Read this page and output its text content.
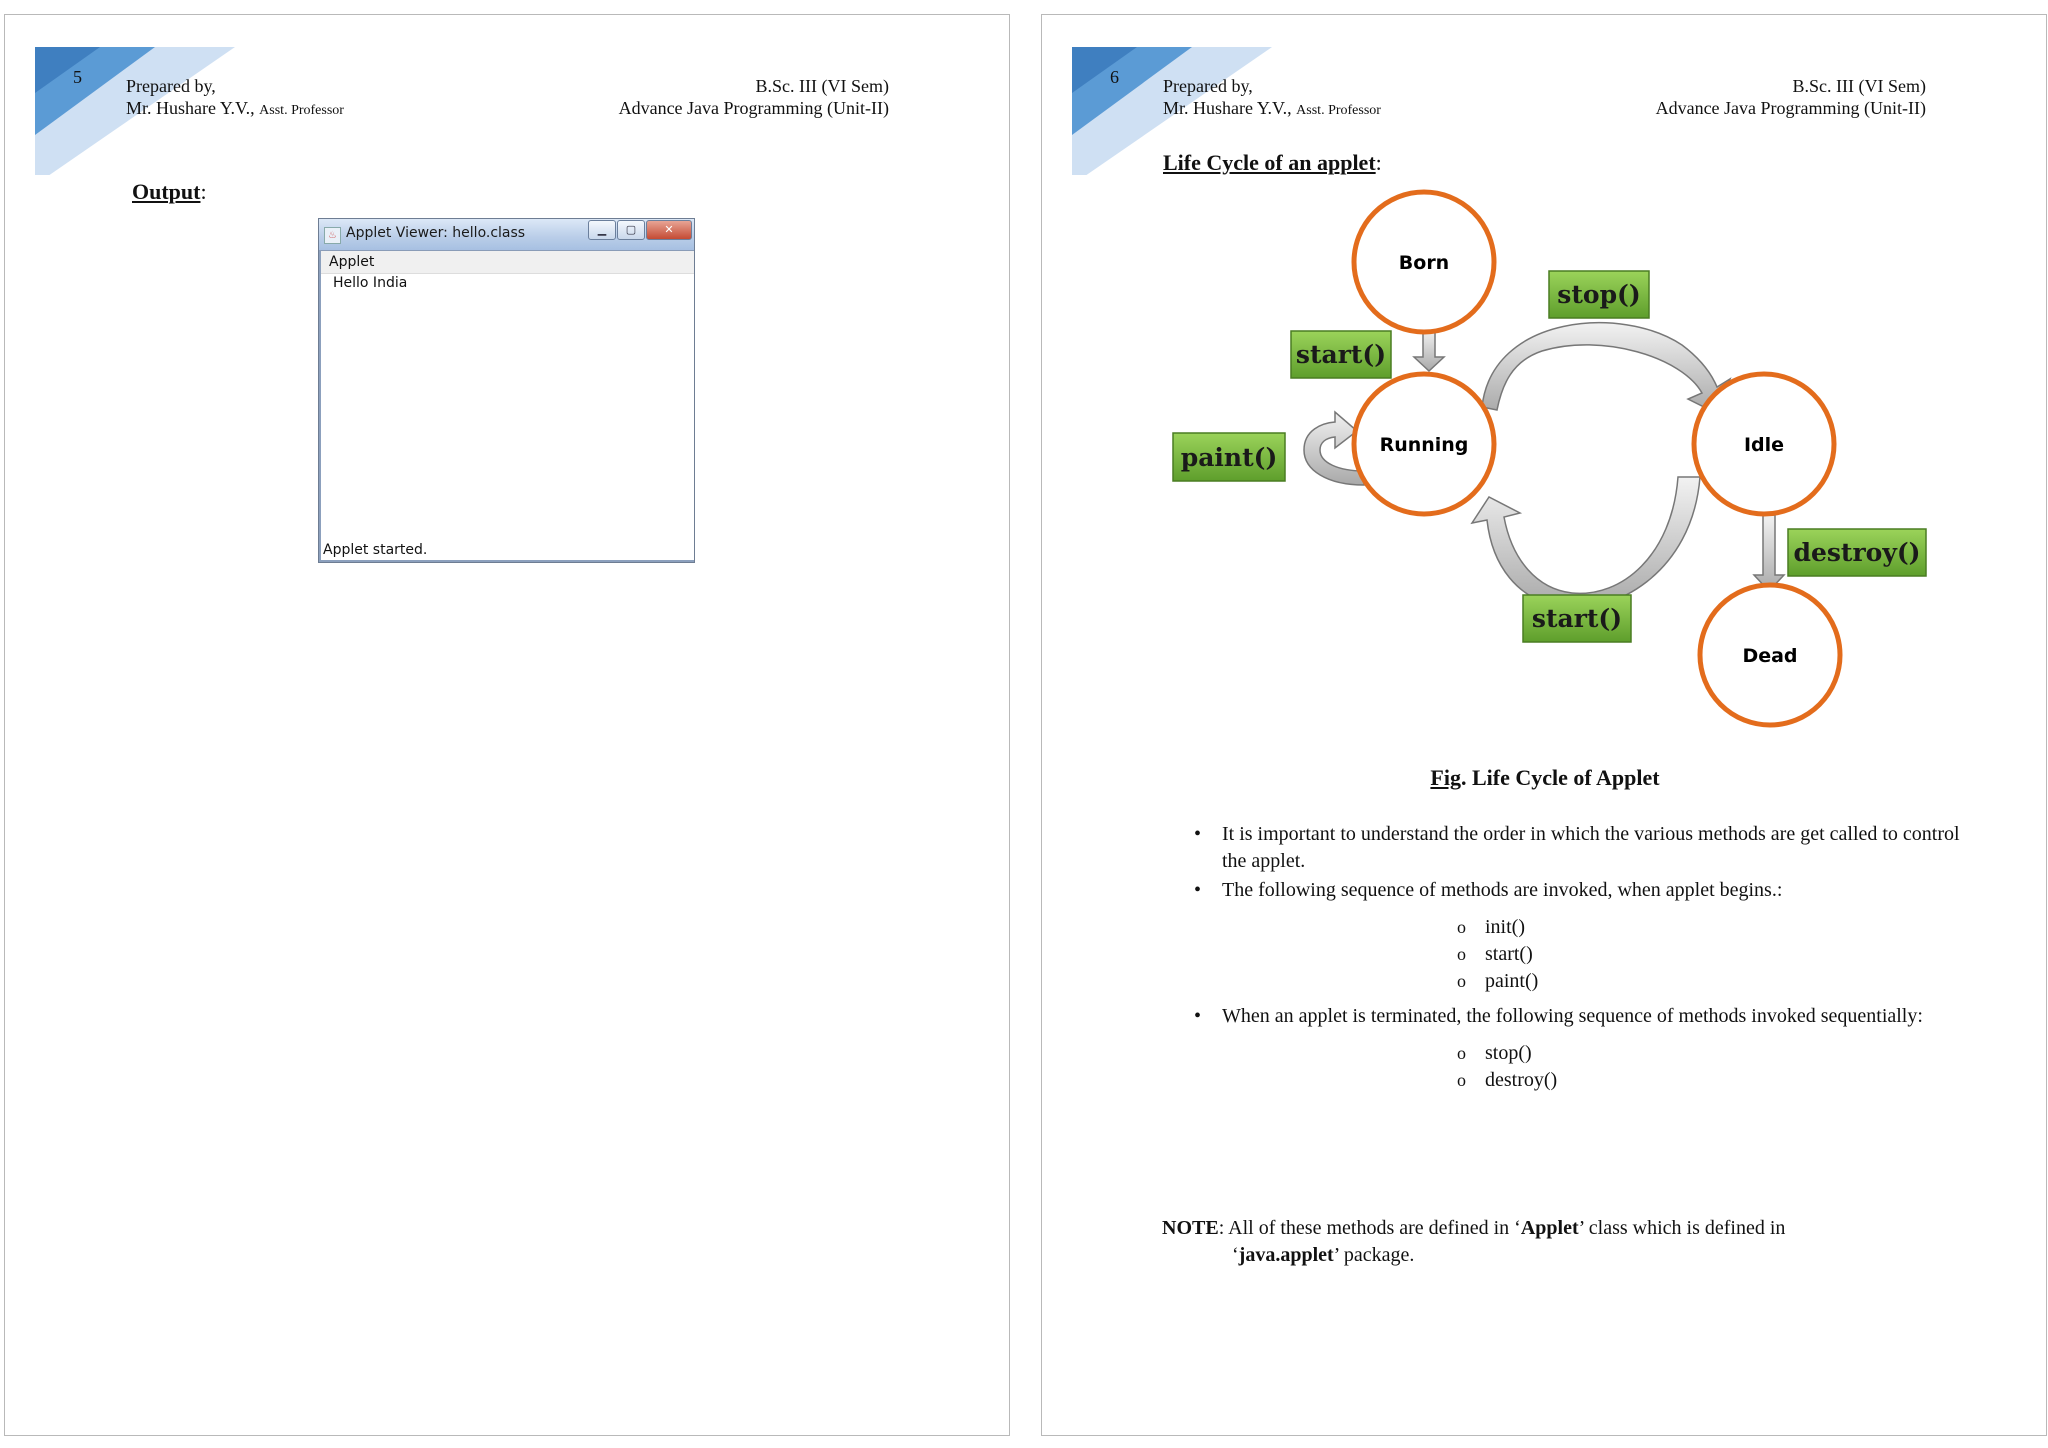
5 Prepared by,
Mr. Hushare Y.V., Asst. Professor
B.Sc. III (VI Sem)
Advance Java Programming (Unit-II)
Output:
♨ Applet Viewer: hello.class	▁	▢	✕
Applet
Hello India
Applet started.
6 Prepared by,
Mr. Hushare Y.V., Asst. Professor
B.Sc. III (VI Sem)
Advance Java Programming (Unit-II)
Life Cycle of an applet:
Born
Running	Idle
Dead
start()
stop()
paint()
destroy()
start()
Fig. Life Cycle of Applet
• It is important to understand the order in which the various methods are get called to control the applet.
• The following sequence of methods are invoked, when applet begins.:
o init()
o start()
o paint()
• When an applet is terminated, the following sequence of methods invoked sequentially:
o stop()
o destroy()
NOTE: All of these methods are defined in ‘Applet’ class which is defined in
‘java.applet’ package.
